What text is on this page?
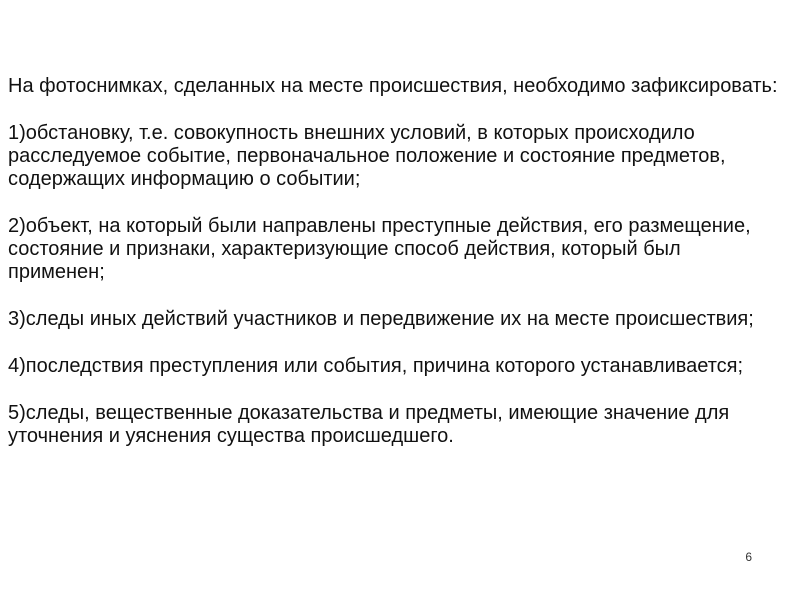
На фотоснимках, сделанных на месте происшествия, необходимо зафиксировать:

1)обстановку, т.е. совокупность внешних условий, в которых происходило расследуемое событие, первоначальное положение и состояние предметов, содержащих информацию о событии;

2)объект, на который были направлены преступные действия, его размещение, состояние и признаки, характеризующие способ действия, который был применен;

3)следы иных действий участников и передвижение их на месте происшествия;

4)последствия преступления или события, причина которого устанавливается;

5)следы, вещественные доказательства и предметы, имеющие значение для уточнения и уяснения существа происшедшего.

6
